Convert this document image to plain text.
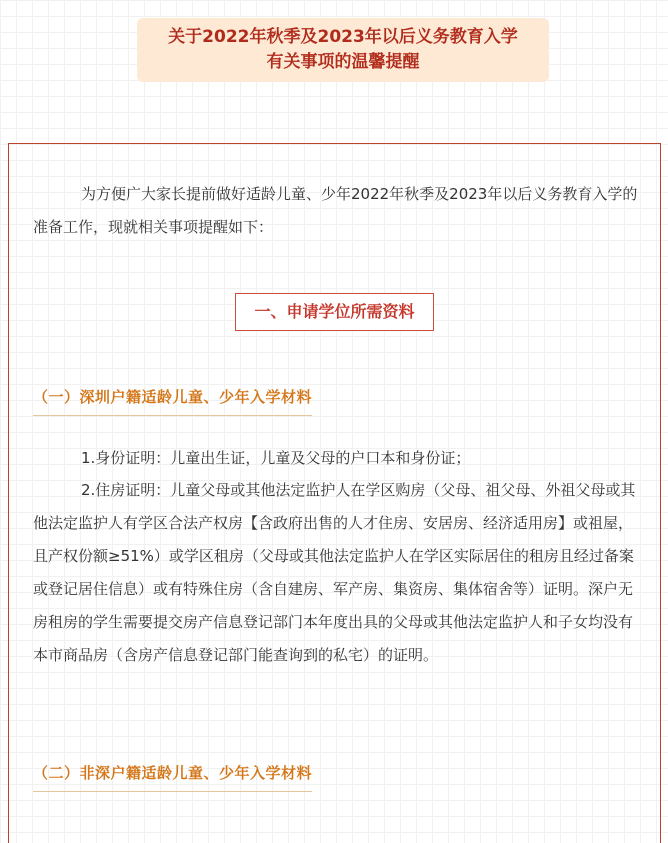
关于2022年秋季及2023年以后义务教育入学
有关事项的温馨提醒
为方便广大家长提前做好适龄儿童、少年2022年秋季及2023年以后义务教育入学的准备工作，现就相关事项提醒如下：
一、申请学位所需资料
（一）深圳户籍适龄儿童、少年入学材料
1.身份证明：儿童出生证，儿童及父母的户口本和身份证；
2.住房证明：儿童父母或其他法定监护人在学区购房（父母、祖父母、外祖父母或其他法定监护人有学区合法产权房【含政府出售的人才住房、安居房、经济适用房】或祖屋，且产权份额≥51%）或学区租房（父母或其他法定监护人在学区实际居住的租房且经过备案或登记居住信息）或有特殊住房（含自建房、军产房、集资房、集体宿舍等）证明。深户无房租房的学生需要提交房产信息登记部门本年度出具的父母或其他法定监护人和子女均没有本市商品房（含房产信息登记部门能查询到的私宅）的证明。
（二）非深户籍适龄儿童、少年入学材料
